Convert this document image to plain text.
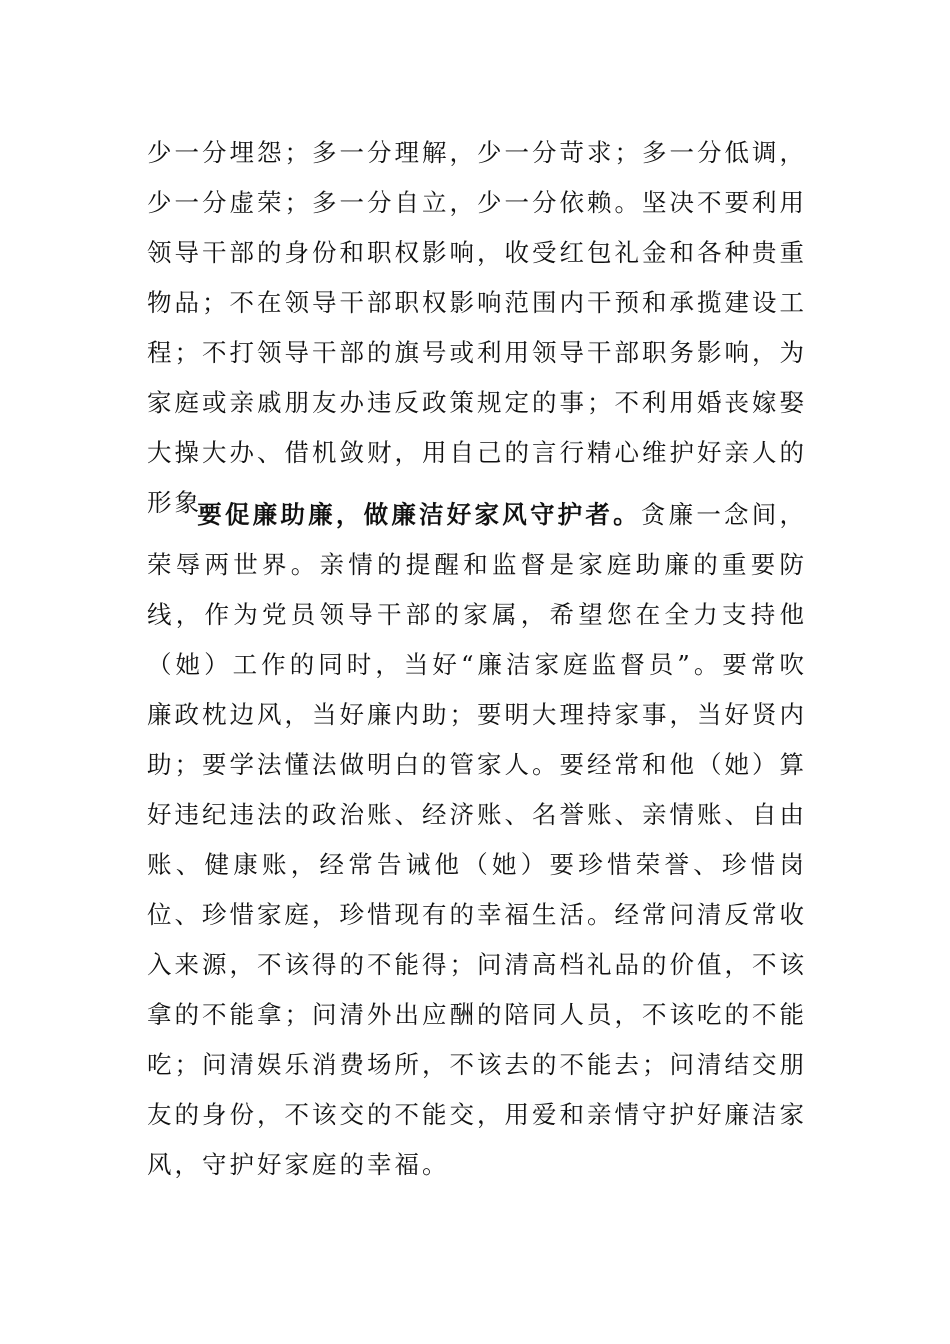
少一分埋怨；多一分理解，少一分苛求；多一分低调，少一分虚荣；多一分自立，少一分依赖。坚决不要利用领导干部的身份和职权影响，收受红包礼金和各种贵重物品；不在领导干部职权影响范围内干预和承揽建设工程；不打领导干部的旗号或利用领导干部职务影响，为家庭或亲戚朋友办违反政策规定的事；不利用婚丧嫁娶大操大办、借机敛财，用自己的言行精心维护好亲人的形象。
要促廉助廉，做廉洁好家风守护者。贪廉一念间，荣辱两世界。亲情的提醒和监督是家庭助廉的重要防线，作为党员领导干部的家属，希望您在全力支持他（她）工作的同时，当好“廉洁家庭监督员”。要常吹廉政枕边风，当好廉内助；要明大理持家事，当好贤内助；要学法懂法做明白的管家人。要经常和他（她）算好违纪违法的政治账、经济账、名誉账、亲情账、自由账、健康账，经常告诫他（她）要珍惜荣誉、珍惜岗位、珍惜家庭，珍惜现有的幸福生活。经常问清反常收入来源，不该得的不能得；问清高档礼品的价值，不该拿的不能拿；问清外出应酬的陪同人员，不该吃的不能吃；问清娱乐消费场所，不该去的不能去；问清结交朋友的身份，不该交的不能交，用爱和亲情守护好廉洁家风，守护好家庭的幸福。
